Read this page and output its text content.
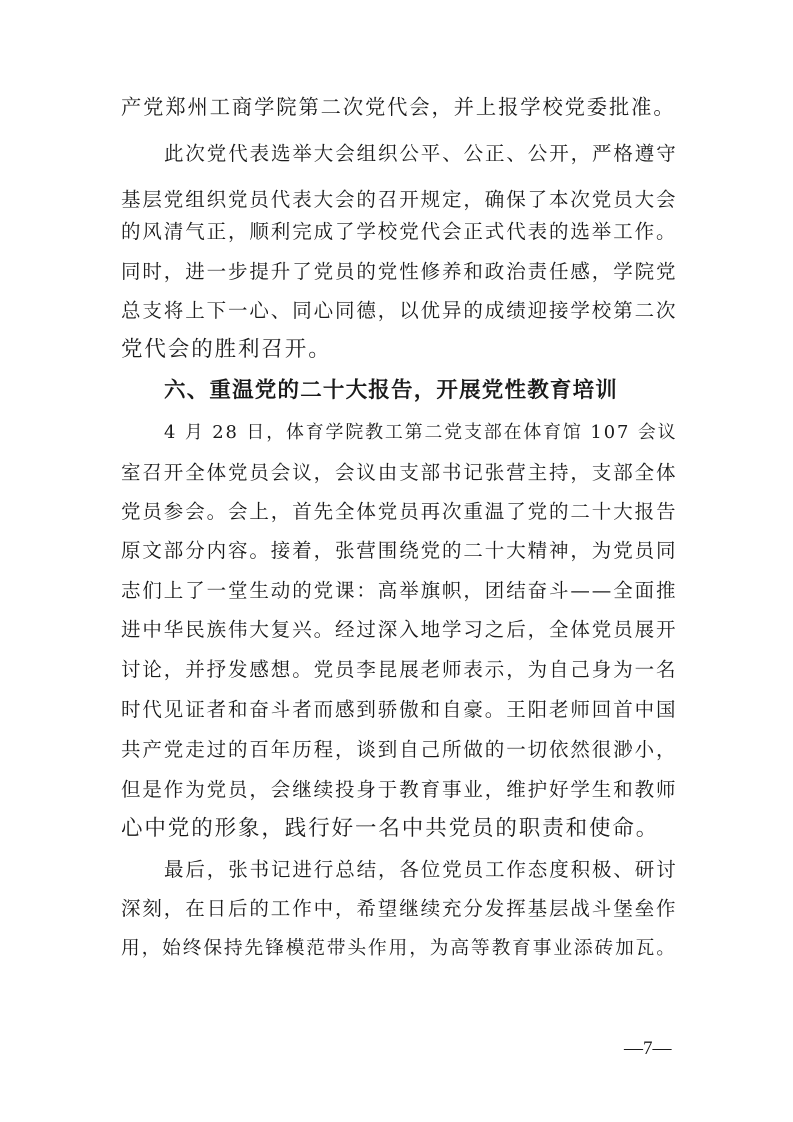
产党郑州工商学院第二次党代会，并上报学校党委批准。
此次党代表选举大会组织公平、公正、公开，严格遵守
基层党组织党员代表大会的召开规定，确保了本次党员大会
的风清气正，顺利完成了学校党代会正式代表的选举工作。
同时，进一步提升了党员的党性修养和政治责任感，学院党
总支将上下一心、同心同德，以优异的成绩迎接学校第二次
党代会的胜利召开。
六、重温党的二十大报告，开展党性教育培训
4 月 28 日，体育学院教工第二党支部在体育馆 107 会议
室召开全体党员会议，会议由支部书记张营主持，支部全体
党员参会。会上，首先全体党员再次重温了党的二十大报告
原文部分内容。接着，张营围绕党的二十大精神，为党员同
志们上了一堂生动的党课：高举旗帜，团结奋斗——全面推
进中华民族伟大复兴。经过深入地学习之后，全体党员展开
讨论，并抒发感想。党员李昆展老师表示，为自己身为一名
时代见证者和奋斗者而感到骄傲和自豪。王阳老师回首中国
共产党走过的百年历程，谈到自己所做的一切依然很渺小，
但是作为党员，会继续投身于教育事业，维护好学生和教师
心中党的形象，践行好一名中共党员的职责和使命。
最后，张书记进行总结，各位党员工作态度积极、研讨
深刻，在日后的工作中，希望继续充分发挥基层战斗堡垒作
用，始终保持先锋模范带头作用，为高等教育事业添砖加瓦。
—7—
